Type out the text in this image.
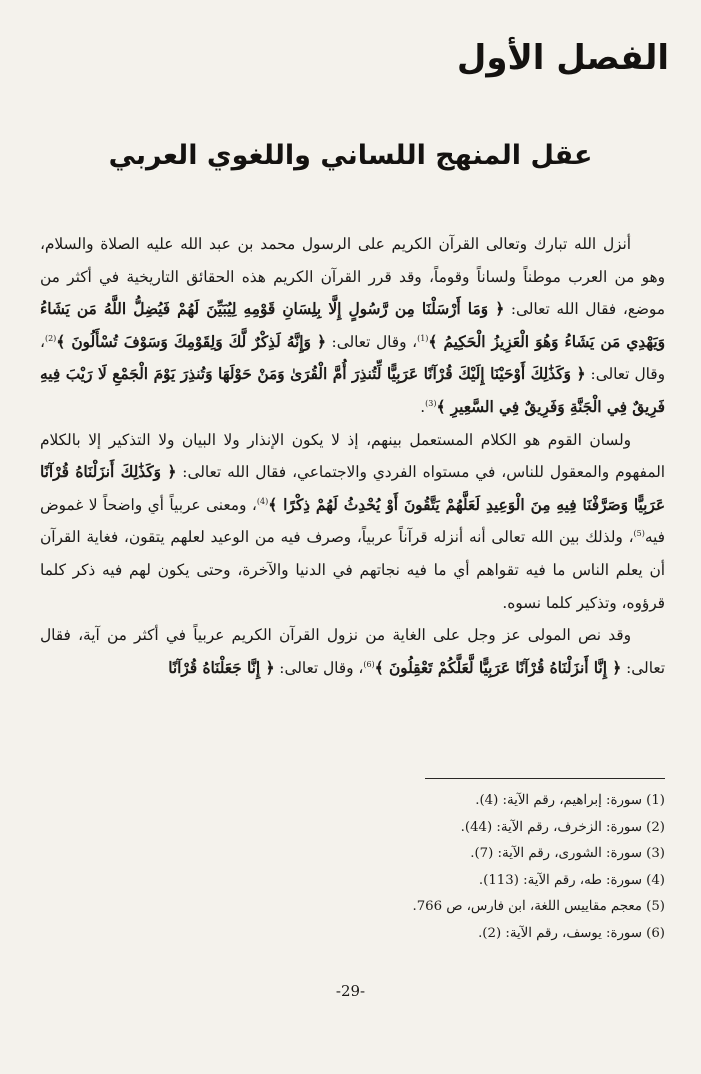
الفصل الأول
عقل المنهج اللساني واللغوي العربي

أنزل الله تبارك وتعالى القرآن الكريم على الرسول محمد بن عبد الله عليه الصلاة والسلام، وهو من العرب موطناً ولساناً وقوماً، وقد قرر القرآن الكريم هذه الحقائق التاريخية في أكثر من موضع، فقال الله تعالى: ﴿ وَمَا أَرْسَلْنَا مِن رَّسُولٍ إِلَّا بِلِسَانِ قَوْمِهِ لِيُبَيِّنَ لَهُمْ فَيُضِلُّ اللَّهُ مَن يَشَاءُ وَيَهْدِي مَن يَشَاءُ وَهُوَ الْعَزِيزُ الْحَكِيمُ ﴾$^{(1)}$، وقال تعالى: ﴿ وَإِنَّهُ لَذِكْرٌ لَّكَ وَلِقَوْمِكَ وَسَوْفَ تُسْأَلُونَ ﴾$^{(2)}$، وقال تعالى: ﴿ وَكَذَٰلِكَ أَوْحَيْنَا إِلَيْكَ قُرْآنًا عَرَبِيًّا لِّتُنذِرَ أُمَّ الْقُرَىٰ وَمَنْ حَوْلَهَا وَتُنذِرَ يَوْمَ الْجَمْعِ لَا رَيْبَ فِيهِ فَرِيقٌ فِي الْجَنَّةِ وَفَرِيقٌ فِي السَّعِيرِ ﴾$^{(3)}$.

ولسان القوم هو الكلام المستعمل بينهم، إذ لا يكون الإنذار ولا البيان ولا التذكير إلا بالكلام المفهوم والمعقول للناس، في مستواه الفردي والاجتماعي، فقال الله تعالى: ﴿ وَكَذَٰلِكَ أَنزَلْنَاهُ قُرْآنًا عَرَبِيًّا وَصَرَّفْنَا فِيهِ مِنَ الْوَعِيدِ لَعَلَّهُمْ يَتَّقُونَ أَوْ يُحْدِثُ لَهُمْ ذِكْرًا ﴾$^{(4)}$، ومعنى عربياً أي واضحاً لا غموض فيه$^{(5)}$، ولذلك بين الله تعالى أنه أنزله قرآناً عربياً، وصرف فيه من الوعيد لعلهم يتقون، فغاية القرآن أن يعلم الناس ما فيه تقواهم أي ما فيه نجاتهم في الدنيا والآخرة، وحتى يكون لهم فيه ذكر كلما قرؤوه، وتذكير كلما نسوه.

وقد نص المولى عز وجل على الغاية من نزول القرآن الكريم عربياً في أكثر من آية، فقال تعالى: ﴿ إِنَّا أَنزَلْنَاهُ قُرْآنًا عَرَبِيًّا لَّعَلَّكُمْ تَعْقِلُونَ ﴾$^{(6)}$، وقال تعالى: ﴿ إِنَّا جَعَلْنَاهُ قُرْآنًا

(1) سورة: إبراهيم، رقم الآية: (4).
(2) سورة: الزخرف، رقم الآية: (44).
(3) سورة: الشورى، رقم الآية: (7).
(4) سورة: طه، رقم الآية: (113).
(5) معجم مقاييس اللغة، ابن فارس، ص 766.
(6) سورة: يوسف، رقم الآية: (2).
-29-
